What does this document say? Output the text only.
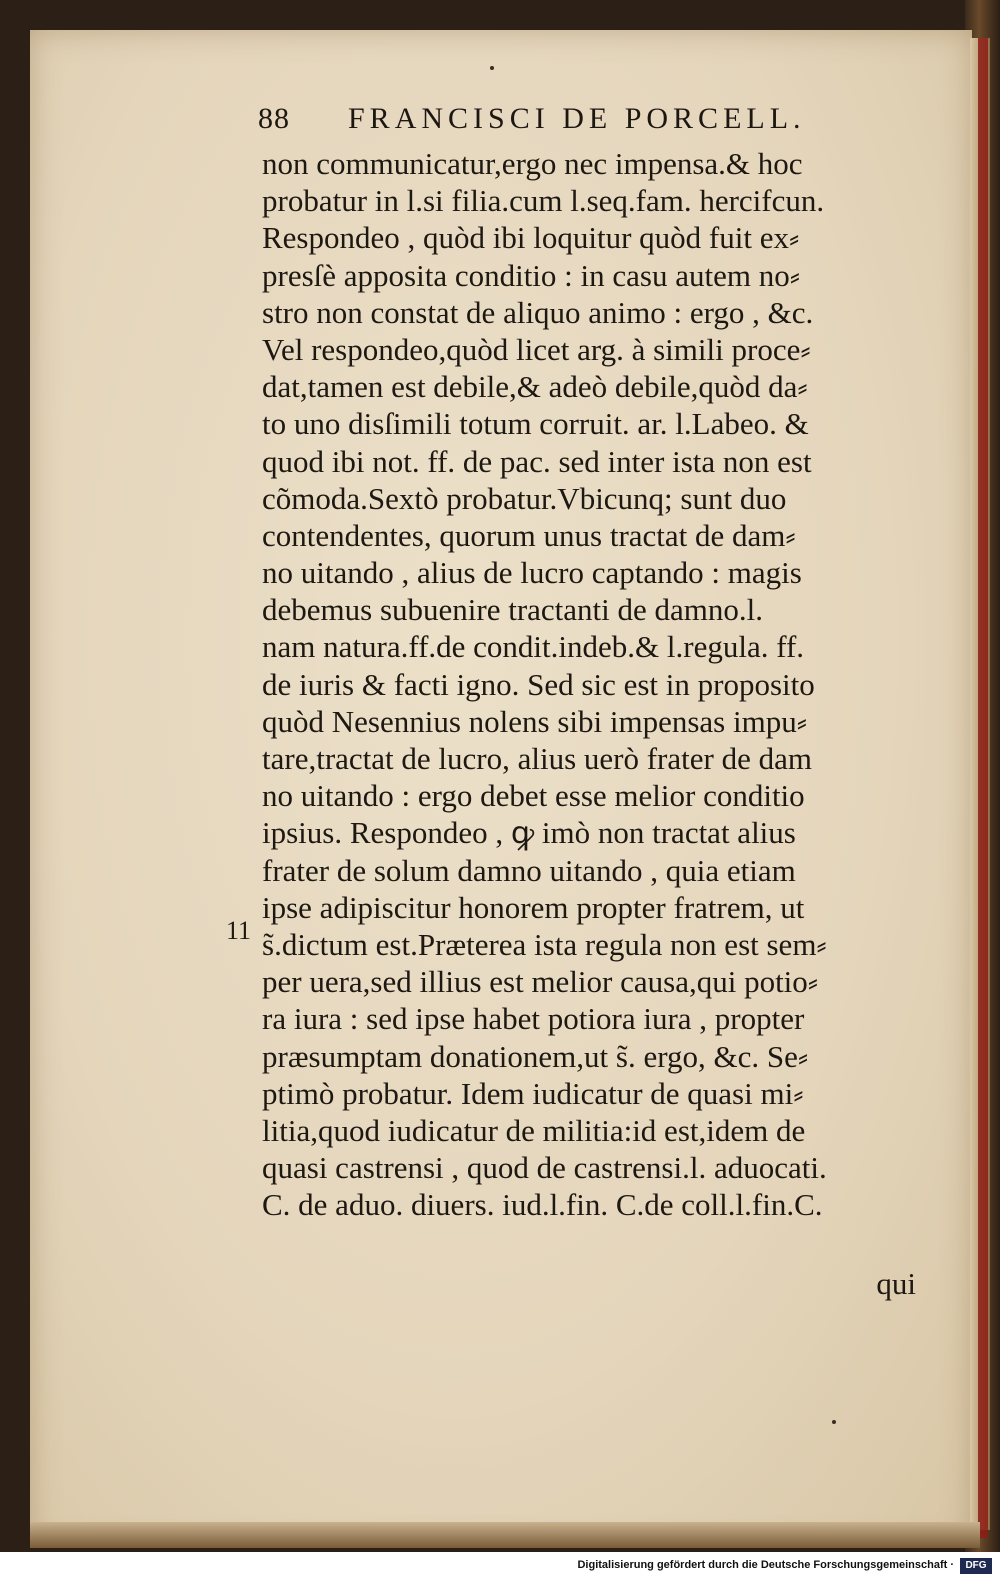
88	FRANCISCI DE PORCELL.
non communicatur,ergo nec impensa.& hoc
probatur in l.si filia.cum l.seq.fam. hercifcun.
Respondeo , quòd ibi loquitur quòd fuit ex⸗
presſè apposita conditio : in casu autem no⸗
stro non constat de aliquo animo : ergo , &c.
Vel respondeo,quòd licet arg. à simili proce⸗
dat,tamen est debile,& adeò debile,quòd da⸗
to uno disſimili totum corruit. ar. l.Labeo. &
quod ibi not. ff. de pac. sed inter ista non est
cõmoda.Sextò probatur.Vbicunq; sunt duo
contendentes, quorum unus tractat de dam⸗
no uitando , alius de lucro captando : magis
debemus subuenire tractanti de damno.l.
nam natura.ff.de condit.indeb.& l.regula. ff.
de iuris & facti igno. Sed sic est in proposito
quòd Nesennius nolens sibi impensas impu⸗
tare,tractat de lucro, alius uerò frater de dam
no uitando : ergo debet esse melior conditio
ipsius. Respondeo , ꝙ imò non tractat alius
frater de solum damno uitando , quia etiam
ipse adipiscitur honorem propter fratrem, ut
s̃.dictum est.Præterea ista regula non est sem⸗
per uera,sed illius est melior causa,qui potio⸗
ra iura : sed ipse habet potiora iura , propter
præsumptam donationem,ut s̃. ergo, &c. Se⸗
ptimò probatur. Idem iudicatur de quasi mi⸗
litia,quod iudicatur de militia:id est,idem de
quasi castrensi , quod de castrensi.l. aduocati.
C. de aduo. diuers. iud.l.fin. C.de coll.l.fin.C.
11
qui
Digitalisierung gefördert durch die Deutsche Forschungsgemeinschaft ·	DFG
